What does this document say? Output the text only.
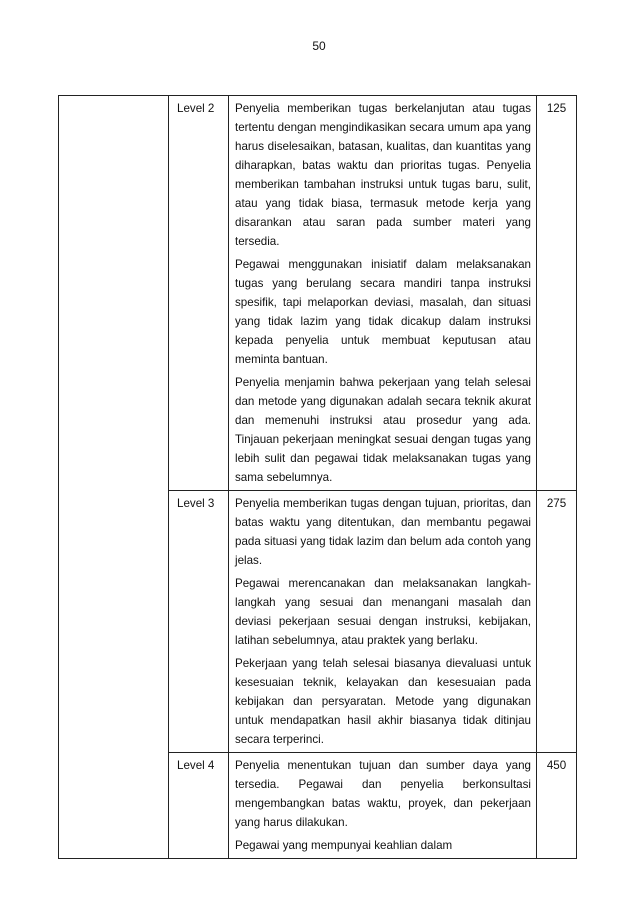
50
	Level 2	Penyelia memberikan tugas berkelanjutan atau tugas tertentu dengan mengindikasikan secara umum apa yang harus diselesaikan, batasan, kualitas, dan kuantitas yang diharapkan, batas waktu dan prioritas tugas. Penyelia memberikan tambahan instruksi untuk tugas baru, sulit, atau yang tidak biasa, termasuk metode kerja yang disarankan atau saran pada sumber materi yang tersedia.

Pegawai menggunakan inisiatif dalam melaksanakan tugas yang berulang secara mandiri tanpa instruksi spesifik, tapi melaporkan deviasi, masalah, dan situasi yang tidak lazim yang tidak dicakup dalam instruksi kepada penyelia untuk membuat keputusan atau meminta bantuan.

Penyelia menjamin bahwa pekerjaan yang telah selesai dan metode yang digunakan adalah secara teknik akurat dan memenuhi instruksi atau prosedur yang ada. Tinjauan pekerjaan meningkat sesuai dengan tugas yang lebih sulit dan pegawai tidak melaksanakan tugas yang sama sebelumnya.	125
	Level 3	Penyelia memberikan tugas dengan tujuan, prioritas, dan batas waktu yang ditentukan, dan membantu pegawai pada situasi yang tidak lazim dan belum ada contoh yang jelas.

Pegawai merencanakan dan melaksanakan langkah-langkah yang sesuai dan menangani masalah dan deviasi pekerjaan sesuai dengan instruksi, kebijakan, latihan sebelumnya, atau praktek yang berlaku.

Pekerjaan yang telah selesai biasanya dievaluasi untuk kesesuaian teknik, kelayakan dan kesesuaian pada kebijakan dan persyaratan. Metode yang digunakan untuk mendapatkan hasil akhir biasanya tidak ditinjau secara terperinci.	275
	Level 4	Penyelia menentukan tujuan dan sumber daya yang tersedia. Pegawai dan penyelia berkonsultasi mengembangkan batas waktu, proyek, dan pekerjaan yang harus dilakukan.

Pegawai yang mempunyai keahlian dalam	450
